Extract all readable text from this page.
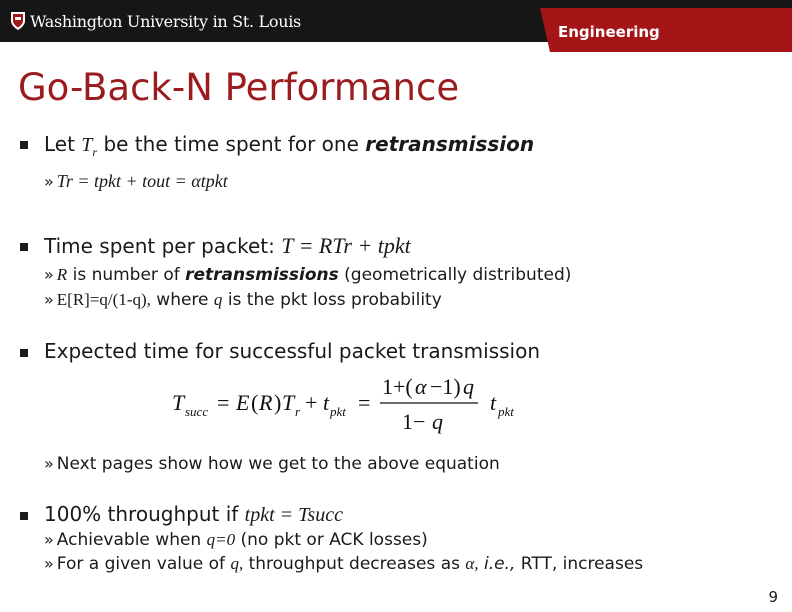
Washington University in St. Louis
Engineering
Go-Back-N Performance
Let $T_r$ be the time spent for one retransmission
» Tr = tpkt + tout = αtpkt
Time spent per packet: T = RTr + tpkt
» R is number of retransmissions (geometrically distributed)
» E[R]=q/(1-q), where q is the pkt loss probability
Expected time for successful packet transmission
T succ = E ( R ) T r + t pkt =
1+( α −1) q
1− q
t pkt
» Next pages show how we get to the above equation
100% throughput if tpkt = Tsucc
» Achievable when q=0 (no pkt or ACK losses)
» For a given value of q, throughput decreases as α, i.e., RTT, increases
9
